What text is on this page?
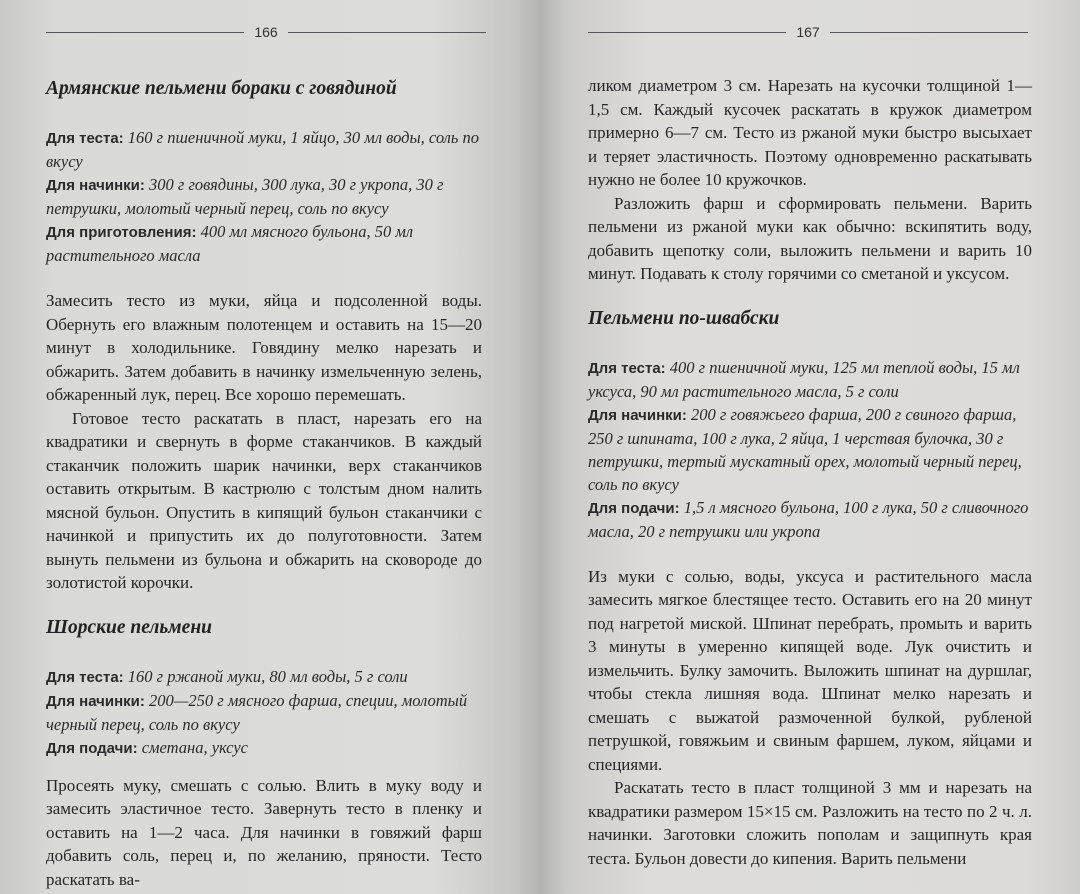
166
Армянские пельмени бораки с говядиной

Для теста: 160 г пшеничной муки, 1 яйцо, 30 мл воды, соль по вкусу

Для начинки: 300 г говядины, 300 лука, 30 г укропа, 30 г петрушки, молотый черный перец, соль по вкусу

Для приготовления: 400 мл мясного бульона, 50 мл растительного масла

Замесить тесто из муки, яйца и подсоленной воды. Обернуть его влажным полотенцем и оставить на 15—20 минут в холодильнике. Говядину мелко нарезать и обжарить. Затем добавить в начинку измельченную зелень, обжаренный лук, перец. Все хорошо перемешать.

Готовое тесто раскатать в пласт, нарезать его на квадратики и свернуть в форме стаканчиков. В каждый стаканчик положить шарик начинки, верх стаканчиков оставить открытым. В кастрюлю с толстым дном налить мясной бульон. Опустить в кипящий бульон стаканчики с начинкой и припустить их до полуготовности. Затем вынуть пельмени из бульона и обжарить на сковороде до золотистой корочки.

Шорские пельмени

Для теста: 160 г ржаной муки, 80 мл воды, 5 г соли

Для начинки: 200—250 г мясного фарша, специи, молотый черный перец, соль по вкусу

Для подачи: сметана, уксус

Просеять муку, смешать с солью. Влить в муку воду и замесить эластичное тесто. Завернуть тесто в пленку и оставить на 1—2 часа. Для начинки в говяжий фарш добавить соль, перец и, по желанию, пряности. Тесто раскатать ва-

167

ликом диаметром 3 см. Нарезать на кусочки толщиной 1—1,5 см. Каждый кусочек раскатать в кружок диаметром примерно 6—7 см. Тесто из ржаной муки быстро высыхает и теряет эластичность. Поэтому одновременно раскатывать нужно не более 10 кружочков.

Разложить фарш и сформировать пельмени. Варить пельмени из ржаной муки как обычно: вскипятить воду, добавить щепотку соли, выложить пельмени и варить 10 минут. Подавать к столу горячими со сметаной и уксусом.

Пельмени по-швабски

Для теста: 400 г пшеничной муки, 125 мл теплой воды, 15 мл уксуса, 90 мл растительного масла, 5 г соли

Для начинки: 200 г говяжьего фарша, 200 г свиного фарша, 250 г шпината, 100 г лука, 2 яйца, 1 черствая булочка, 30 г петрушки, тертый мускатный орех, молотый черный перец, соль по вкусу

Для подачи: 1,5 л мясного бульона, 100 г лука, 50 г сливочного масла, 20 г петрушки или укропа

Из муки с солью, воды, уксуса и растительного масла замесить мягкое блестящее тесто. Оставить его на 20 минут под нагретой миской. Шпинат перебрать, промыть и варить 3 минуты в умеренно кипящей воде. Лук очистить и измельчить. Булку замочить. Выложить шпинат на дуршлаг, чтобы стекла лишняя вода. Шпинат мелко нарезать и смешать с выжатой размоченной булкой, рубленой петрушкой, говяжьим и свиным фаршем, луком, яйцами и специями.

Раскатать тесто в пласт толщиной 3 мм и нарезать на квадратики размером 15×15 см. Разложить на тесто по 2 ч. л. начинки. Заготовки сложить пополам и защипнуть края теста. Бульон довести до кипения. Варить пельмени
